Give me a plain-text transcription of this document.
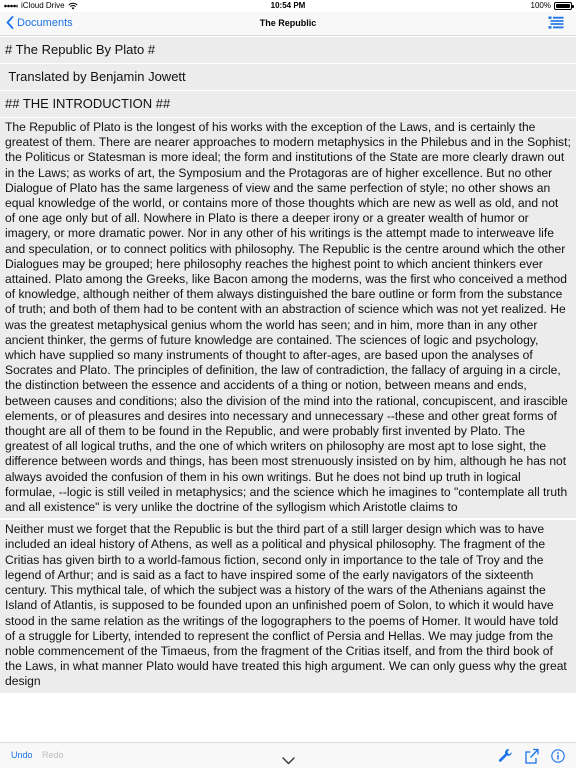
iCloud Drive	10:54 PM	100%
Documents	The Republic
# The Republic By Plato #
Translated by Benjamin Jowett
## THE INTRODUCTION ##
The Republic of Plato is the longest of his works with the exception of the Laws, and is certainly the greatest of them. There are nearer approaches to modern metaphysics in the Philebus and in the Sophist; the Politicus or Statesman is more ideal; the form and institutions of the State are more clearly drawn out in the Laws; as works of art, the Symposium and the Protagoras are of higher excellence. But no other Dialogue of Plato has the same largeness of view and the same perfection of style; no other shows an equal knowledge of the world, or contains more of those thoughts which are new as well as old, and not of one age only but of all. Nowhere in Plato is there a deeper irony or a greater wealth of humor or imagery, or more dramatic power. Nor in any other of his writings is the attempt made to interweave life and speculation, or to connect politics with philosophy. The Republic is the centre around which the other Dialogues may be grouped; here philosophy reaches the highest point to which ancient thinkers ever attained. Plato among the Greeks, like Bacon among the moderns, was the first who conceived a method of knowledge, although neither of them always distinguished the bare outline or form from the substance of truth; and both of them had to be content with an abstraction of science which was not yet realized. He was the greatest metaphysical genius whom the world has seen; and in him, more than in any other ancient thinker, the germs of future knowledge are contained. The sciences of logic and psychology, which have supplied so many instruments of thought to after-ages, are based upon the analyses of Socrates and Plato. The principles of definition, the law of contradiction, the fallacy of arguing in a circle, the distinction between the essence and accidents of a thing or notion, between means and ends, between causes and conditions; also the division of the mind into the rational, concupiscent, and irascible elements, or of pleasures and desires into necessary and unnecessary --these and other great forms of thought are all of them to be found in the Republic, and were probably first invented by Plato. The greatest of all logical truths, and the one of which writers on philosophy are most apt to lose sight, the difference between words and things, has been most strenuously insisted on by him, although he has not always avoided the confusion of them in his own writings. But he does not bind up truth in logical formulae, --logic is still veiled in metaphysics; and the science which he imagines to "contemplate all truth and all existence" is very unlike the doctrine of the syllogism which Aristotle claims to
Neither must we forget that the Republic is but the third part of a still larger design which was to have included an ideal history of Athens, as well as a political and physical philosophy. The fragment of the Critias has given birth to a world-famous fiction, second only in importance to the tale of Troy and the legend of Arthur; and is said as a fact to have inspired some of the early navigators of the sixteenth century. This mythical tale, of which the subject was a history of the wars of the Athenians against the Island of Atlantis, is supposed to be founded upon an unfinished poem of Solon, to which it would have stood in the same relation as the writings of the logographers to the poems of Homer. It would have told of a struggle for Liberty, intended to represent the conflict of Persia and Hellas. We may judge from the noble commencement of the Timaeus, from the fragment of the Critias itself, and from the third book of the Laws, in what manner Plato would have treated this high argument. We can only guess why the great design
Undo Redo
